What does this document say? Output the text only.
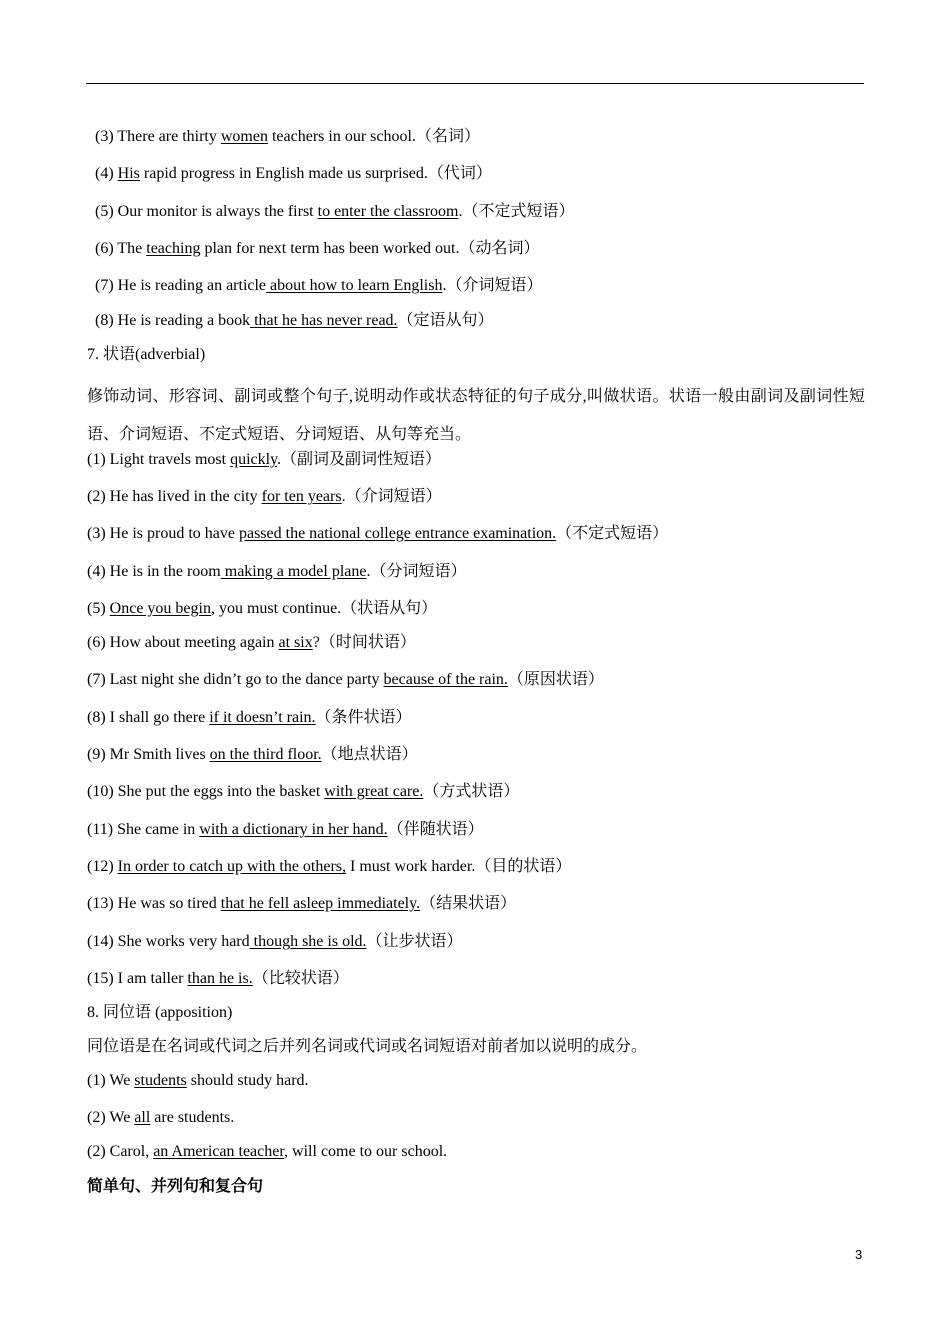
(3) There are thirty women teachers in our school.（名词）
(4) His rapid progress in English made us surprised.（代词）
(5) Our monitor is always the first to enter the classroom.（不定式短语）
(6) The teaching plan for next term has been worked out.（动名词）
(7) He is reading an article about how to learn English.（介词短语）
(8) He is reading a book that he has never read.（定语从句）
7. 状语(adverbial)
(1) Light travels most quickly.（副词及副词性短语）
(2) He has lived in the city for ten years.（介词短语）
(3) He is proud to have passed the national college entrance examination.（不定式短语）
(4) He is in the room making a model plane.（分词短语）
(5) Once you begin, you must continue.（状语从句）
(6) How about meeting again at six?（时间状语）
(7) Last night she didn’t go to the dance party because of the rain.（原因状语）
(8) I shall go there if it doesn’t rain.（条件状语）
(9) Mr Smith lives on the third floor.（地点状语）
(10) She put the eggs into the basket with great care.（方式状语）
(11) She came in with a dictionary in her hand.（伴随状语）
(12) In order to catch up with the others, I must work harder.（目的状语）
(13) He was so tired that he fell asleep immediately.（结果状语）
(14) She works very hard though she is old.（让步状语）
(15) I am taller than he is.（比较状语）
8. 同位语 (apposition)
同位语是在名词或代词之后并列名词或代词或名词短语对前者加以说明的成分。
(1) We students should study hard.
(2) We all are students.
(2) Carol, an American teacher, will come to our school.
简单句、并列句和复合句
修饰动词、形容词、副词或整个句子,说明动作或状态特征的句子成分,叫做状语。状语一般由副词及副词性短语、介词短语、不定式短语、分词短语、从句等充当。
3
